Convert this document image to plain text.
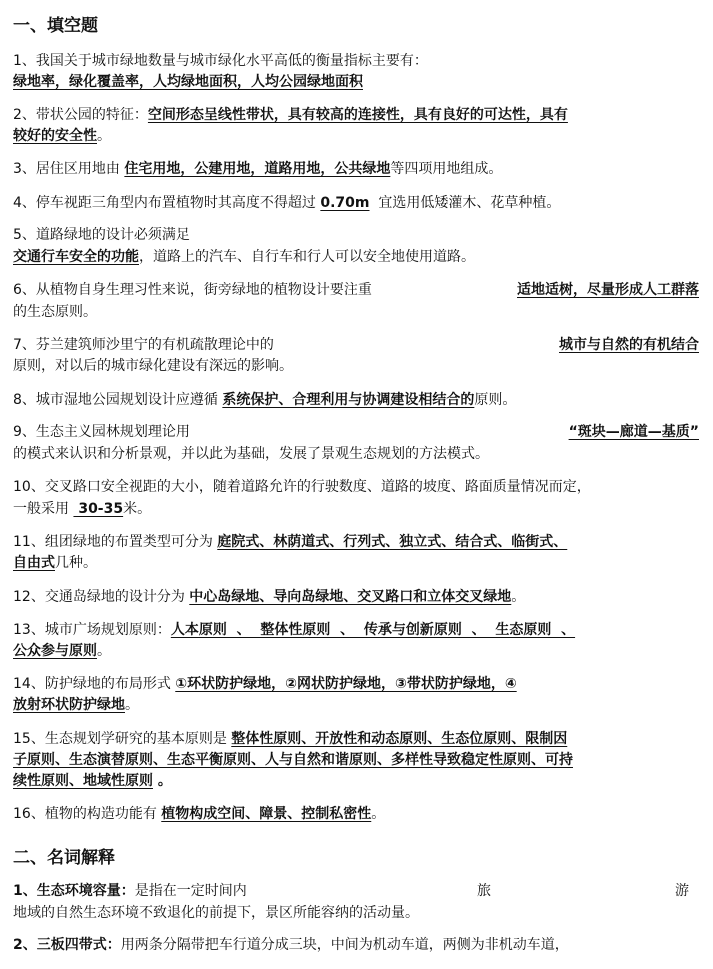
一、填空题
1、我国关于城市绿地数量与城市绿化水平高低的衡量指标主要有：
绿地率，绿化覆盖率，人均绿地面积，人均公园绿地面积
2、带状公园的特征：空间形态呈线性带状，具有较高的连接性，具有良好的可达性，具有
较好的安全性。
3、居住区用地由 住宅用地，公建用地，道路用地，公共绿地等四项用地组成。
4、停车视距三角型内布置植物时其高度不得超过 0.70m  宜选用低矮灌木、花草种植。
5、道路绿地的设计必须满足
交通行车安全的功能，道路上的汽车、自行车和行人可以安全地使用道路。
6、从植物自身生理习性来说，街旁绿地的植物设计要注重	适地适树，尽量形成人工群落
的生态原则。
7、芬兰建筑师沙里宁的有机疏散理论中的	城市与自然的有机结合
原则，对以后的城市绿化建设有深远的影响。
8、城市湿地公园规划设计应遵循 系统保护、合理利用与协调建设相结合的原则。
9、生态主义园林规划理论用	“斑块—廊道—基质”
的模式来认识和分析景观，并以此为基础，发展了景观生态规划的方法模式。
10、交叉路口安全视距的大小，随着道路允许的行驶数度、道路的坡度、路面质量情况而定，
一般采用  30-35米。
11、组团绿地的布置类型可分为 庭院式、林荫道式、行列式、独立式、结合式、临街式、
自由式几种。
12、交通岛绿地的设计分为 中心岛绿地、导向岛绿地、交叉路口和立体交叉绿地。
13、城市广场规划原则：人本原则  、  整体性原则  、  传承与创新原则  、  生态原则  、
公众参与原则。
14、防护绿地的布局形式 ①环状防护绿地，②网状防护绿地，③带状防护绿地，④
放射环状防护绿地。
15、生态规划学研究的基本原则是 整体性原则、开放性和动态原则、生态位原则、限制因
子原则、生态演替原则、生态平衡原则、人与自然和谐原则、多样性导致稳定性原则、可持
续性原则、地域性原则 。
16、植物的构造功能有 植物构成空间、障景、控制私密性。
二、名词解释
1、生态环境容量：是指在一定时间内	旅	游
地域的自然生态环境不致退化的前提下，景区所能容纳的活动量。
2、三板四带式：用两条分隔带把车行道分成三块，中间为机动车道，两侧为非机动车道，
